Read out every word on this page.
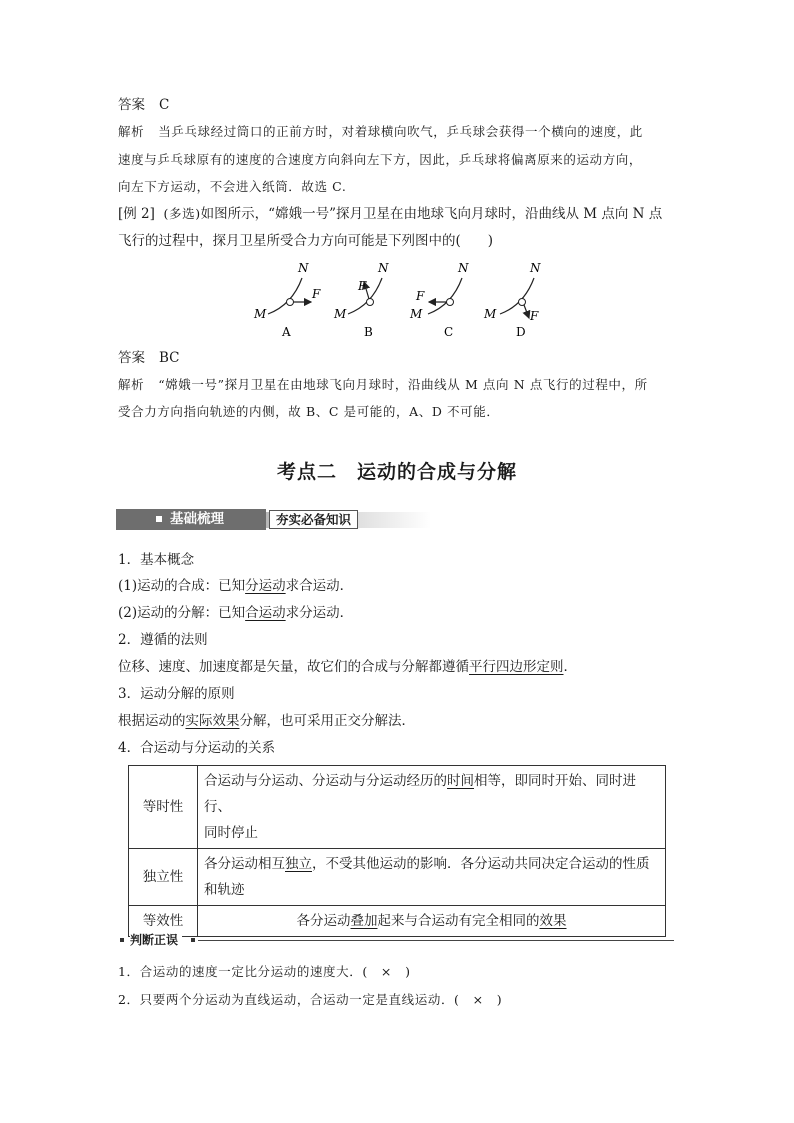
答案 C
解析 当乒乓球经过筒口的正前方时，对着球横向吹气，乒乓球会获得一个横向的速度，此
速度与乒乓球原有的速度的合速度方向斜向左下方，因此，乒乓球将偏离原来的运动方向，
向左下方运动，不会进入纸筒．故选 C.
[例 2] (多选)如图所示，“嫦娥一号”探月卫星在由地球飞向月球时，沿曲线从 M 点向 N 点
飞行的过程中，探月卫星所受合力方向可能是下列图中的(　　)
M
N
F
A
M
N
F
B
M
N
F
C
M
N
F
D
答案 BC
解析 “嫦娥一号”探月卫星在由地球飞向月球时，沿曲线从 M 点向 N 点飞行的过程中，所
受合力方向指向轨迹的内侧，故 B、C 是可能的，A、D 不可能．
考点二　运动的合成与分解
基础梳理	夯实必备知识
1．基本概念
(1)运动的合成：已知分运动求合运动．
(2)运动的分解：已知合运动求分运动．
2．遵循的法则
位移、速度、加速度都是矢量，故它们的合成与分解都遵循平行四边形定则．
3．运动分解的原则
根据运动的实际效果分解，也可采用正交分解法．
4．合运动与分运动的关系
等时性	合运动与分运动、分运动与分运动经历的时间相等，即同时开始、同时进行、
同时停止
独立性	各分运动相互独立，不受其他运动的影响．各分运动共同决定合运动的性质
和轨迹
等效性	各分运动叠加起来与合运动有完全相同的效果
判断正误
1．合运动的速度一定比分运动的速度大．(　×　)
2．只要两个分运动为直线运动，合运动一定是直线运动．(　×　)
